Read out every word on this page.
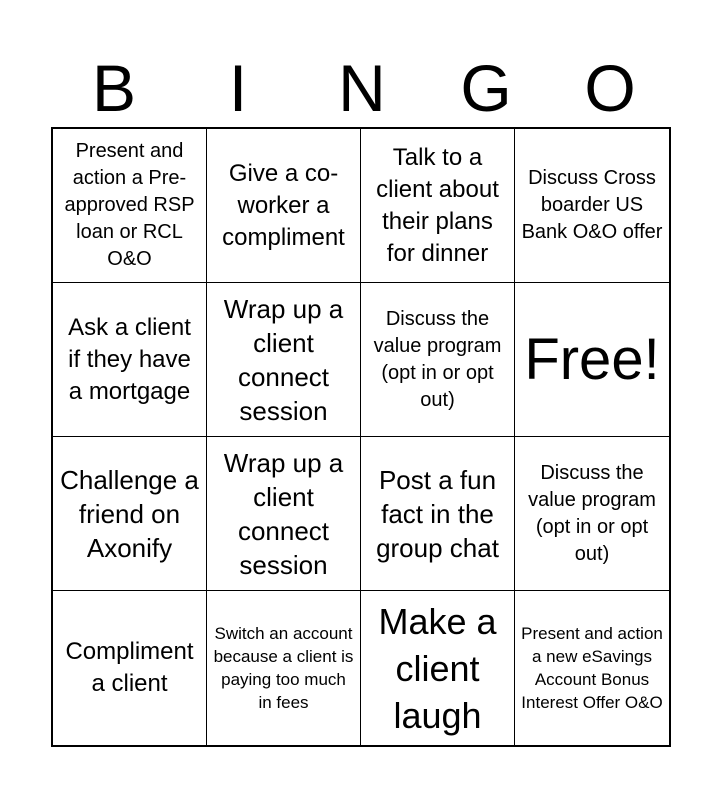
B	I	N	G	O
Present and action a Pre-approved RSP loan or RCL O&O
Give a co-worker a compliment
Talk to a client about their plans for dinner
Discuss Cross boarder US Bank O&O offer
Ask a client if they have a mortgage
Wrap up a client connect session
Discuss the value program (opt in or opt out)
Free!
Challenge a friend on Axonify
Wrap up a client connect session
Post a fun fact in the group chat
Discuss the value program (opt in or opt out)
Compliment a client
Switch an account because a client is paying too much in fees
Make a client laugh
Present and action a new eSavings Account Bonus Interest Offer O&O
